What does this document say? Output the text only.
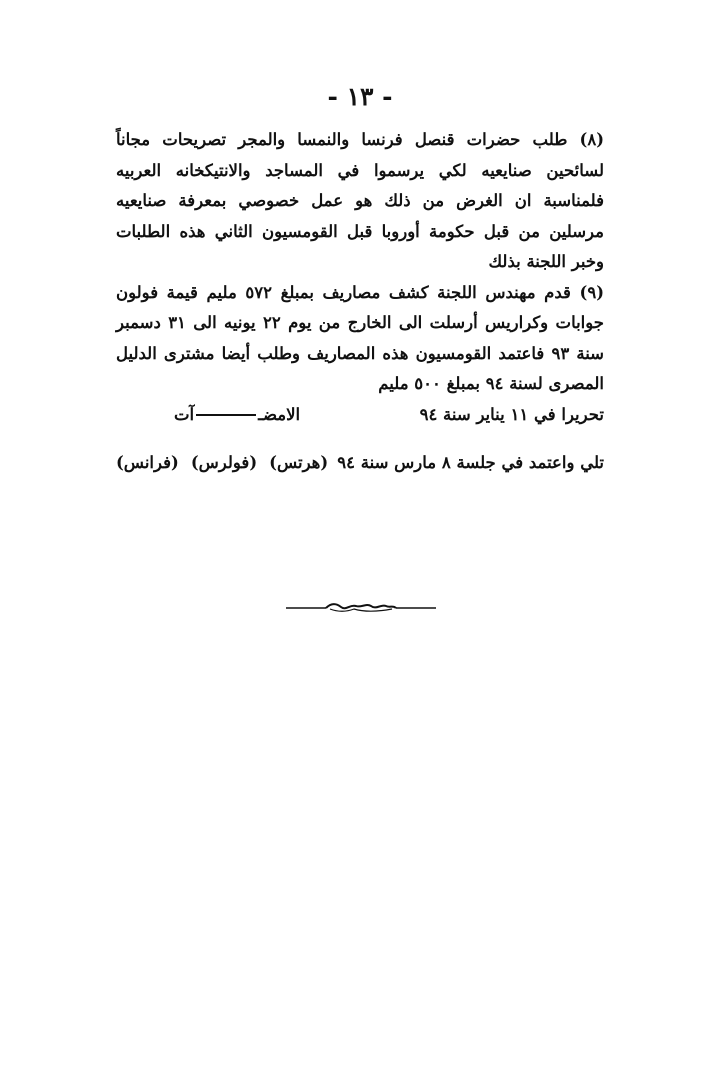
- ١٣ -

(٨) طلب حضرات قنصل فرنسا والنمسا والمجر تصريحات مجاناً لسائحين صنايعيه لكي يرسموا في المساجد والانتيكخانه العربيه فلمناسبة ان الغرض من ذلك هو عمل خصوصي بمعرفة صنايعيه مرسلين من قبل حكومة أوروبا قبل القومسيون الثاني هذه الطلبات وخبر اللجنة بذلك

(٩) قدم مهندس اللجنة كشف مصاريف بمبلغ ٥٧٢ مليم قيمة فولون جوابات وكراريس أرسلت الى الخارج من يوم ٢٢ يونيه الى ٣١ دسمبر سنة ٩٣ فاعتمد القومسيون هذه المصاريف وطلب أيضا مشترى الدليل المصرى لسنة ٩٤ بمبلغ ٥٠٠ مليم

تحريرا في ١١ يناير سنة ٩٤
الامضـآت
تلي واعتمد في جلسة ٨ مارس سنة ٩٤
(هرتس)
(فولرس)
(فرانس)
